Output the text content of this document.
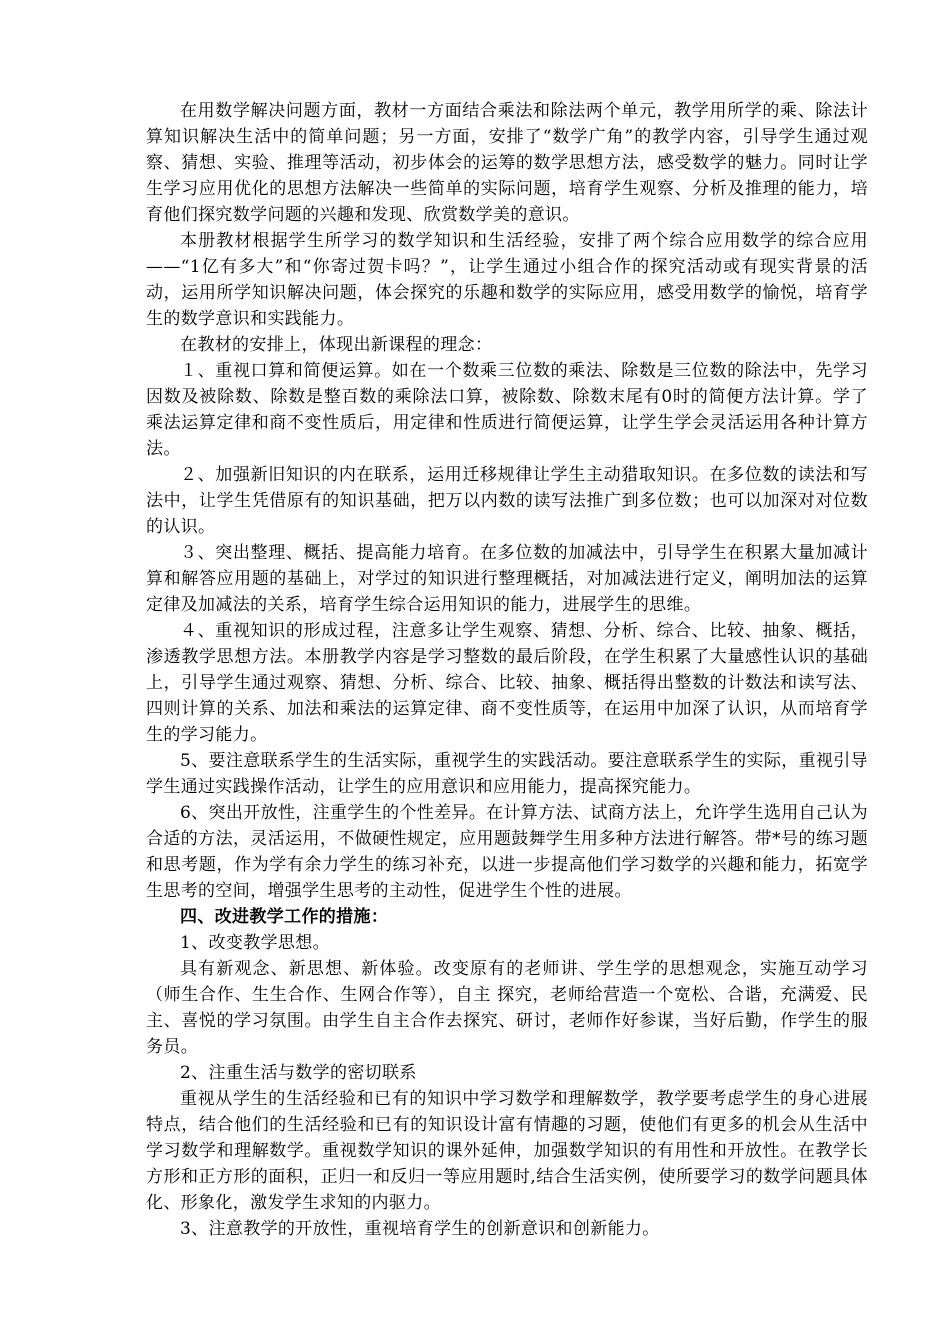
在用数学解决问题方面，教材一方面结合乘法和除法两个单元，教学用所学的乘、除法计算知识解决生活中的简单问题；另一方面，安排了“数学广角”的教学内容，引导学生通过观察、猜想、实验、推理等活动，初步体会的运筹的数学思想方法，感受数学的魅力。同时让学生学习应用优化的思想方法解决一些简单的实际问题，培育学生观察、分析及推理的能力，培育他们探究数学问题的兴趣和发现、欣赏数学美的意识。

本册教材根据学生所学习的数学知识和生活经验，安排了两个综合应用数学的综合应用——“1亿有多大”和“你寄过贺卡吗？”，让学生通过小组合作的探究活动或有现实背景的活动，运用所学知识解决问题，体会探究的乐趣和数学的实际应用，感受用数学的愉悦，培育学生的数学意识和实践能力。

在教材的安排上，体现出新课程的理念：

１、重视口算和简便运算。如在一个数乘三位数的乘法、除数是三位数的除法中，先学习因数及被除数、除数是整百数的乘除法口算，被除数、除数末尾有0时的简便方法计算。学了乘法运算定律和商不变性质后，用定律和性质进行简便运算，让学生学会灵活运用各种计算方法。

２、加强新旧知识的内在联系，运用迁移规律让学生主动猎取知识。在多位数的读法和写法中，让学生凭借原有的知识基础，把万以内数的读写法推广到多位数；也可以加深对对位数的认识。

３、突出整理、概括、提高能力培育。在多位数的加减法中，引导学生在积累大量加减计算和解答应用题的基础上，对学过的知识进行整理概括，对加减法进行定义，阐明加法的运算定律及加减法的关系，培育学生综合运用知识的能力，进展学生的思维。

４、重视知识的形成过程，注意多让学生观察、猜想、分析、综合、比较、抽象、概括，渗透教学思想方法。本册教学内容是学习整数的最后阶段，在学生积累了大量感性认识的基础上，引导学生通过观察、猜想、分析、综合、比较、抽象、概括得出整数的计数法和读写法、四则计算的关系、加法和乘法的运算定律、商不变性质等，在运用中加深了认识，从而培育学生的学习能力。

5、要注意联系学生的生活实际，重视学生的实践活动。要注意联系学生的实际，重视引导学生通过实践操作活动，让学生的应用意识和应用能力，提高探究能力。

6、突出开放性，注重学生的个性差异。在计算方法、试商方法上，允许学生选用自己认为合适的方法，灵活运用，不做硬性规定，应用题鼓舞学生用多种方法进行解答。带*号的练习题和思考题，作为学有余力学生的练习补充，以进一步提高他们学习数学的兴趣和能力，拓宽学生思考的空间，增强学生思考的主动性，促进学生个性的进展。

四、改进教学工作的措施：

1、改变教学思想。

具有新观念、新思想、新体验。改变原有的老师讲、学生学的思想观念，实施互动学习（师生合作、生生合作、生网合作等），自主 探究，老师给营造一个宽松、合谐，充满爱、民主、喜悦的学习氛围。由学生自主合作去探究、研讨，老师作好参谋，当好后勤，作学生的服务员。

2、注重生活与数学的密切联系

重视从学生的生活经验和已有的知识中学习数学和理解数学，教学要考虑学生的身心进展特点，结合他们的生活经验和已有的知识设计富有情趣的习题，使他们有更多的机会从生活中学习数学和理解数学。重视数学知识的课外延伸，加强数学知识的有用性和开放性。在教学长方形和正方形的面积，正归一和反归一等应用题时,结合生活实例，使所要学习的数学问题具体化、形象化，激发学生求知的内驱力。

3、注意教学的开放性，重视培育学生的创新意识和创新能力。
